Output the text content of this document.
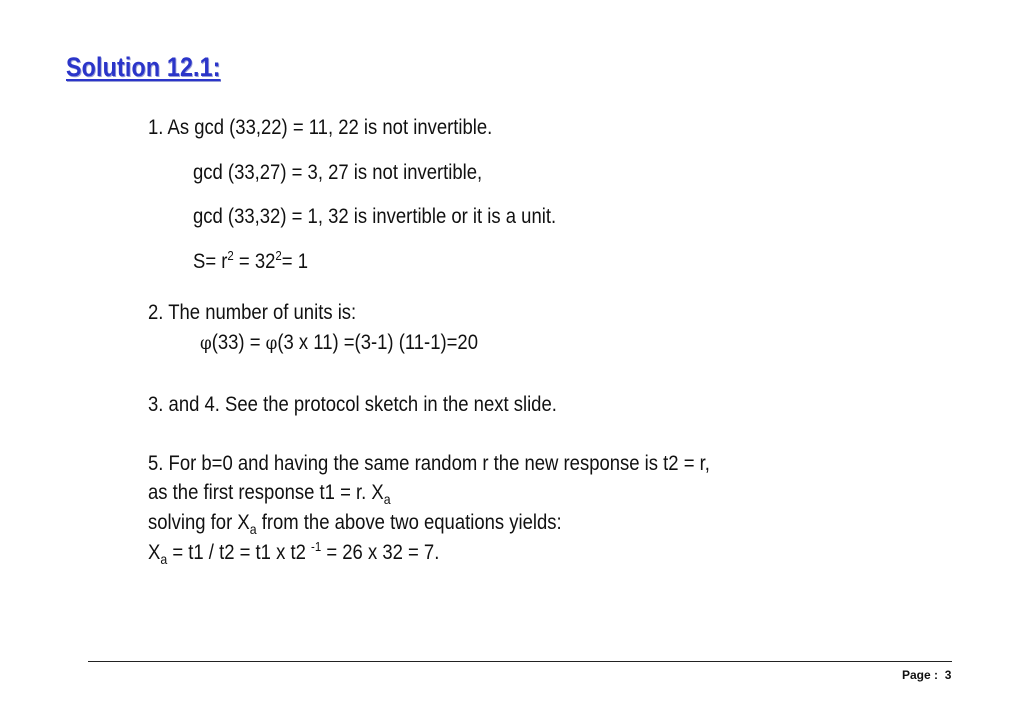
Solution 12.1:
1. As gcd (33,22) = 11, 22 is not invertible.
gcd (33,27) = 3, 27 is not invertible,
gcd (33,32) = 1, 32 is invertible or it is a unit.
$S= r^2 = 32^2= 1$
2. The number of units is:
φ(33) = φ(3 x 11) =(3-1) (11-1)=20
3. and 4. See the protocol sketch in the next slide.
5. For b=0 and having the same random r the new response is t2 = r,
as the first response t1 = r. $X_a$
solving for $X_a$ from the above two equations yields:
$X_a = t1 / t2 = t1$ x t2 $^{-1}$ = 26 x 32 = 7.
Page : 3
